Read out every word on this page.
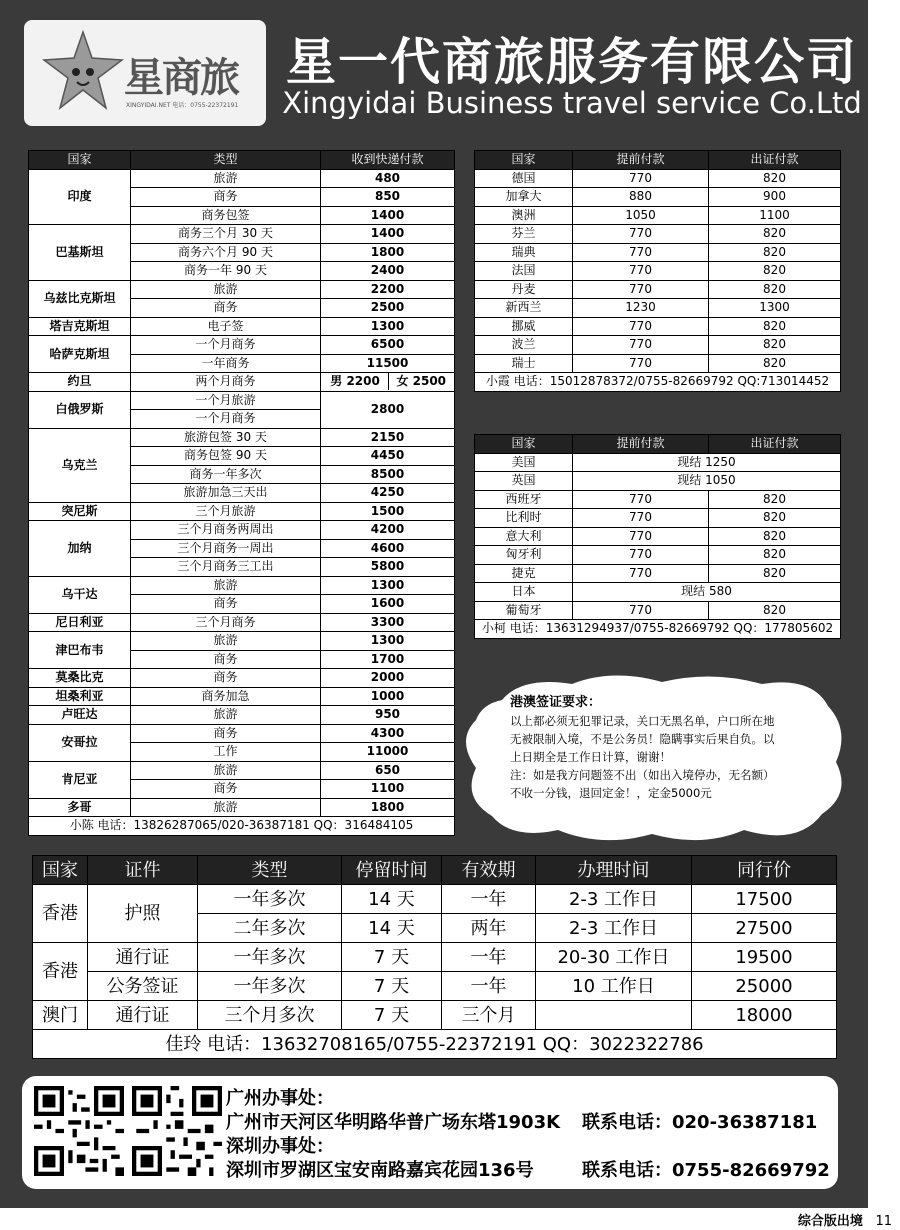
星商旅
XINGYIDAI.NET 电话：0755-22372191
星一代商旅服务有限公司
Xingyidai Business travel service Co.Ltd
国家	类型	收到快递付款
印度	旅游	480
	商务	850
	商务包签	1400
巴基斯坦	商务三个月 30 天	1400
	商务六个月 90 天	1800
	商务一年 90 天	2400
乌兹比克斯坦	旅游	2200
	商务	2500
塔吉克斯坦	电子签	1300
哈萨克斯坦	一个月商务	6500
	一年商务	11500
约旦	两个月商务	男 2200 女 2500
白俄罗斯	一个月旅游	2800
	一个月商务	
乌克兰	旅游包签 30 天	2150
	商务包签 90 天	4450
	商务一年多次	8500
	旅游加急三天出	4250
突尼斯	三个月旅游	1500
加纳	三个月商务两周出	4200
	三个月商务一周出	4600
	三个月商务三工出	5800
乌干达	旅游	1300
	商务	1600
尼日利亚	三个月商务	3300
津巴布韦	旅游	1300
	商务	1700
莫桑比克	商务	2000
坦桑利亚	商务加急	1000
卢旺达	旅游	950
安哥拉	商务	4300
	工作	11000
肯尼亚	旅游	650
	商务	1100
多哥	旅游	1800
小陈 电话：13826287065/020-36387181 QQ：316484105		
国家	提前付款	出证付款
德国	770	820
加拿大	880	900
澳洲	1050	1100
芬兰	770	820
瑞典	770	820
法国	770	820
丹麦	770	820
新西兰	1230	1300
挪威	770	820
波兰	770	820
瑞士	770	820
小霞 电话：15012878372/0755-82669792 QQ:713014452		
国家	提前付款	出证付款
美国	现结 1250	
英国	现结 1050	
西班牙	770	820
比利时	770	820
意大利	770	820
匈牙利	770	820
捷克	770	820
日本	现结 580	
葡萄牙	770	820
小柯 电话：13631294937/0755-82669792 QQ：177805602		
港澳签证要求：
以上都必须无犯罪记录，关口无黑名单，户口所在地
无被限制入境，不是公务员！隐瞒事实后果自负。以
上日期全是工作日计算，谢谢！
注：如是我方问题签不出（如出入境停办，无名额）
不收一分钱，退回定金！，定金5000元
国家	证件	类型	停留时间	有效期	办理时间	同行价
香港	护照	一年多次	14 天	一年	2-3 工作日	17500
		二年多次	14 天	两年	2-3 工作日	27500
香港	通行证	一年多次	7 天	一年	20-30 工作日	19500
	公务签证	一年多次	7 天	一年	10 工作日	25000
澳门	通行证	三个月多次	7 天	三个月		18000
佳玲 电话：13632708165/0755-22372191 QQ：3022322786						
广州办事处：
广州市天河区华明路华普广场东塔1903K 联系电话：020-36387181
深圳办事处：
深圳市罗湖区宝安南路嘉宾花园136号	联系电话：0755-82669792
综合版出境 11
